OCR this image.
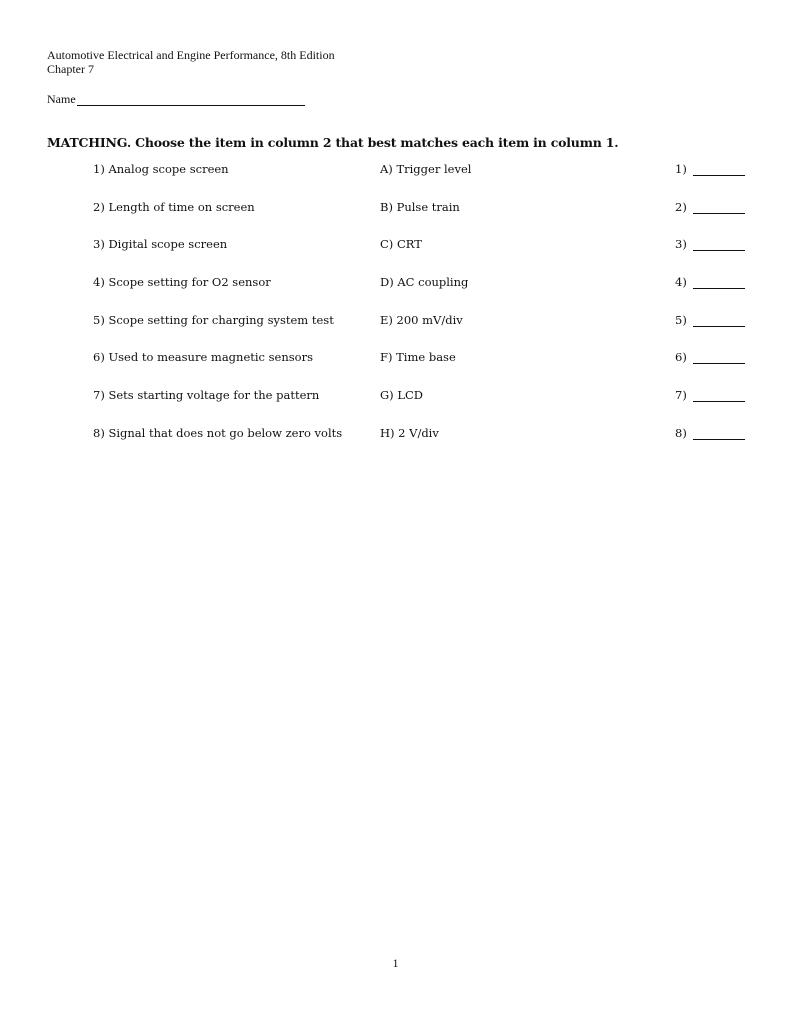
Automotive Electrical and Engine Performance, 8th Edition
Chapter 7
Name
MATCHING. Choose the item in column 2 that best matches each item in column 1.
1) Analog scope screen	A) Trigger level	1)
2) Length of time on screen	B) Pulse train	2)
3) Digital scope screen	C) CRT	3)
4) Scope setting for O2 sensor	D) AC coupling	4)
5) Scope setting for charging system test	E) 200 mV/div	5)
6) Used to measure magnetic sensors	F) Time base	6)
7) Sets starting voltage for the pattern	G) LCD	7)
8) Signal that does not go below zero volts	H) 2 V/div	8)
1
